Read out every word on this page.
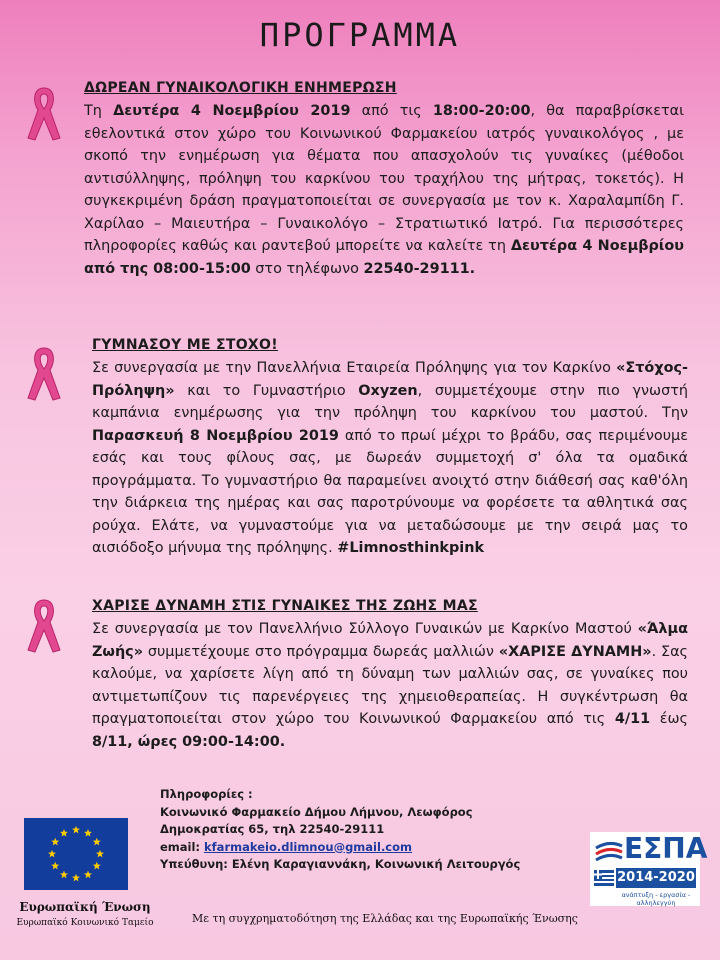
ΠΡΟΓΡΑΜΜΑ
ΔΩΡΕΑΝ ΓΥΝΑΙΚΟΛΟΓΙΚΗ ΕΝΗΜΕΡΩΣΗ

Τη Δευτέρα 4 Νοεμβρίου 2019 από τις 18:00-20:00, θα παραβρίσκεται εθελοντικά στον χώρο του Κοινωνικού Φαρμακείου ιατρός γυναικολόγος , με σκοπό την ενημέρωση για θέματα που απασχολούν τις γυναίκες (μέθοδοι αντισύλληψης, πρόληψη του καρκίνου του τραχήλου της μήτρας, τοκετός). Η συγκεκριμένη δράση πραγματοποιείται σε συνεργασία με τον κ. Χαραλαμπίδη Γ. Χαρίλαο – Μαιευτήρα – Γυναικολόγο – Στρατιωτικό Ιατρό. Για περισσότερες πληροφορίες καθώς και ραντεβού μπορείτε να καλείτε τη Δευτέρα 4 Νοεμβρίου από της 08:00-15:00 στο τηλέφωνο 22540-29111.

ΓΥΜΝΑΣΟΥ ΜΕ ΣΤΟΧΟ!

Σε συνεργασία με την Πανελλήνια Εταιρεία Πρόληψης για τον Καρκίνο «Στόχος-Πρόληψη» και το Γυμναστήριο Oxyzen, συμμετέχουμε στην πιο γνωστή καμπάνια ενημέρωσης για την πρόληψη του καρκίνου του μαστού. Την Παρασκευή 8 Νοεμβρίου 2019 από το πρωί μέχρι το βράδυ, σας περιμένουμε εσάς και τους φίλους σας, με δωρεάν συμμετοχή σ' όλα τα ομαδικά προγράμματα. Το γυμναστήριο θα παραμείνει ανοιχτό στην διάθεσή σας καθ'όλη την διάρκεια της ημέρας και σας παροτρύνουμε να φορέσετε τα αθλητικά σας ρούχα. Ελάτε, να γυμναστούμε για να μεταδώσουμε με την σειρά μας το αισιόδοξο μήνυμα της πρόληψης. #Limnosthinkpink

ΧΑΡΙΣΕ ΔΥΝΑΜΗ ΣΤΙΣ ΓΥΝΑΙΚΕΣ ΤΗΣ ΖΩΗΣ ΜΑΣ

Σε συνεργασία με τον Πανελλήνιο Σύλλογο Γυναικών με Καρκίνο Μαστού «Άλμα Ζωής» συμμετέχουμε στο πρόγραμμα δωρεάς μαλλιών «ΧΑΡΙΣΕ ΔΥΝΑΜΗ». Σας καλούμε, να χαρίσετε λίγη από τη δύναμη των μαλλιών σας, σε γυναίκες που αντιμετωπίζουν τις παρενέργειες της χημειοθεραπείας. Η συγκέντρωση θα πραγματοποιείται στον χώρο του Κοινωνικού Φαρμακείου από τις 4/11 έως 8/11, ώρες 09:00-14:00.

Πληροφορίες :
Κοινωνικό Φαρμακείο Δήμου Λήμνου, Λεωφόρος
Δημοκρατίας 65, τηλ 22540-29111
email: kfarmakeio.dlimnou@gmail.com
Υπεύθυνη: Ελένη Καραγιαννάκη, Κοινωνική Λειτουργός
Ευρωπαϊκή Ένωση
Ευρωπαϊκό Κοινωνικό Ταμείο	Με τη συγχρηματοδότηση της Ελλάδας και της Ευρωπαϊκής Ένωσης
ΕΣΠΑ
2014-2020
ανάπτυξη - εργασία - αλληλεγγύη
